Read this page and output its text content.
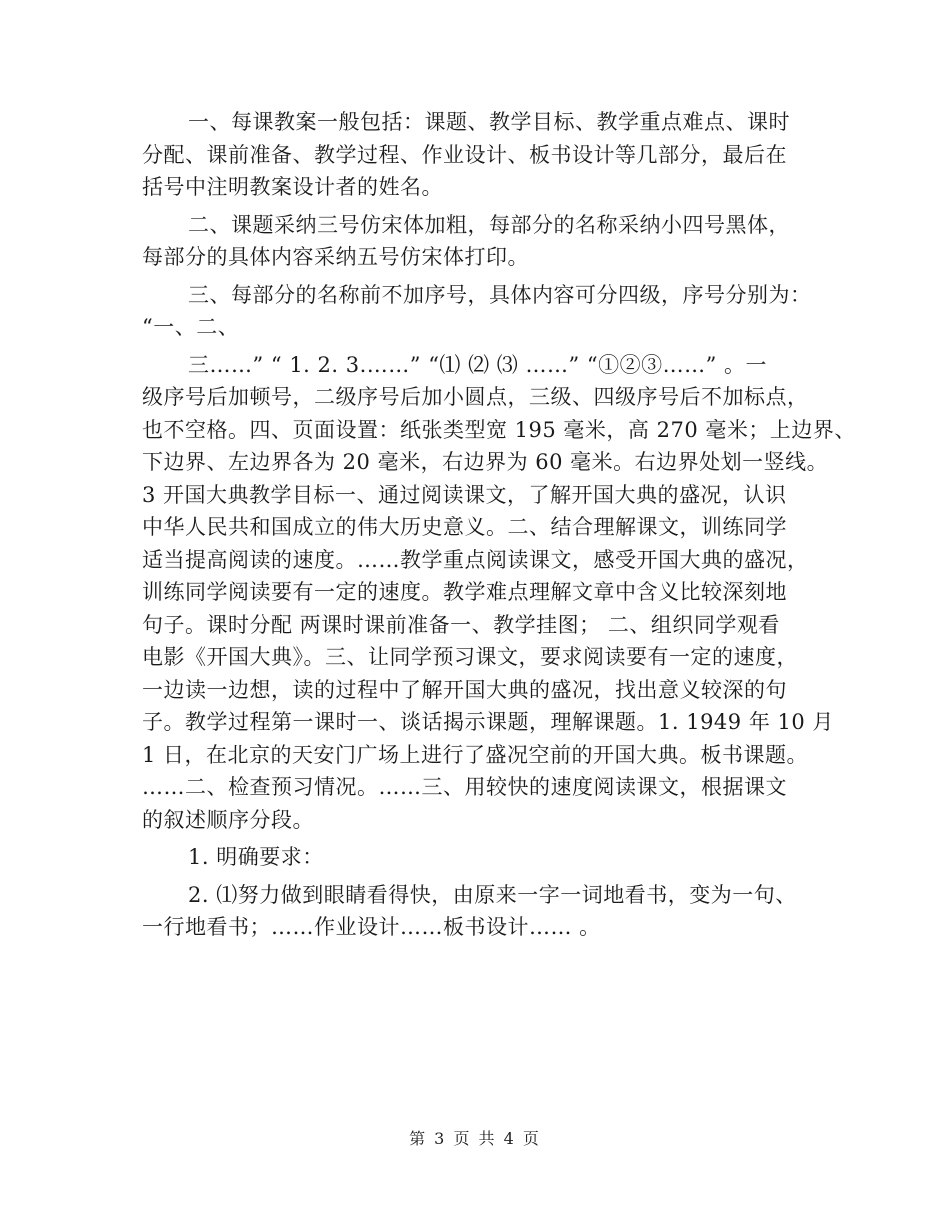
一、每课教案一般包括：课题、教学目标、教学重点难点、课时
分配、课前准备、教学过程、作业设计、板书设计等几部分，最后在
括号中注明教案设计者的姓名。
二、课题采纳三号仿宋体加粗，每部分的名称采纳小四号黑体，
每部分的具体内容采纳五号仿宋体打印。
三、每部分的名称前不加序号，具体内容可分四级，序号分别为：
“一、二、
三……” “ 1. 2. 3.……” “⑴ ⑵ ⑶ ……” “①②③……” 。一
级序号后加顿号，二级序号后加小圆点，三级、四级序号后不加标点，
也不空格。四、页面设置：纸张类型宽 195 毫米，高 270 毫米；上边界、
下边界、左边界各为 20 毫米，右边界为 60 毫米。右边界处划一竖线。
3 开国大典教学目标一、通过阅读课文，了解开国大典的盛况，认识
中华人民共和国成立的伟大历史意义。二、结合理解课文，训练同学
适当提高阅读的速度。……教学重点阅读课文，感受开国大典的盛况，
训练同学阅读要有一定的速度。教学难点理解文章中含义比较深刻地
句子。课时分配 两课时课前准备一、教学挂图； 二、组织同学观看
电影《开国大典》。三、让同学预习课文，要求阅读要有一定的速度，
一边读一边想，读的过程中了解开国大典的盛况，找出意义较深的句
子。教学过程第一课时一、谈话揭示课题，理解课题。1. 1949 年 10 月
1 日，在北京的天安门广场上进行了盛况空前的开国大典。板书课题。
……二、检查预习情况。……三、用较快的速度阅读课文，根据课文
的叙述顺序分段。
1. 明确要求：
2. ⑴努力做到眼睛看得快，由原来一字一词地看书，变为一句、
一行地看书；……作业设计……板书设计…… 。
第 3 页 共 4 页
